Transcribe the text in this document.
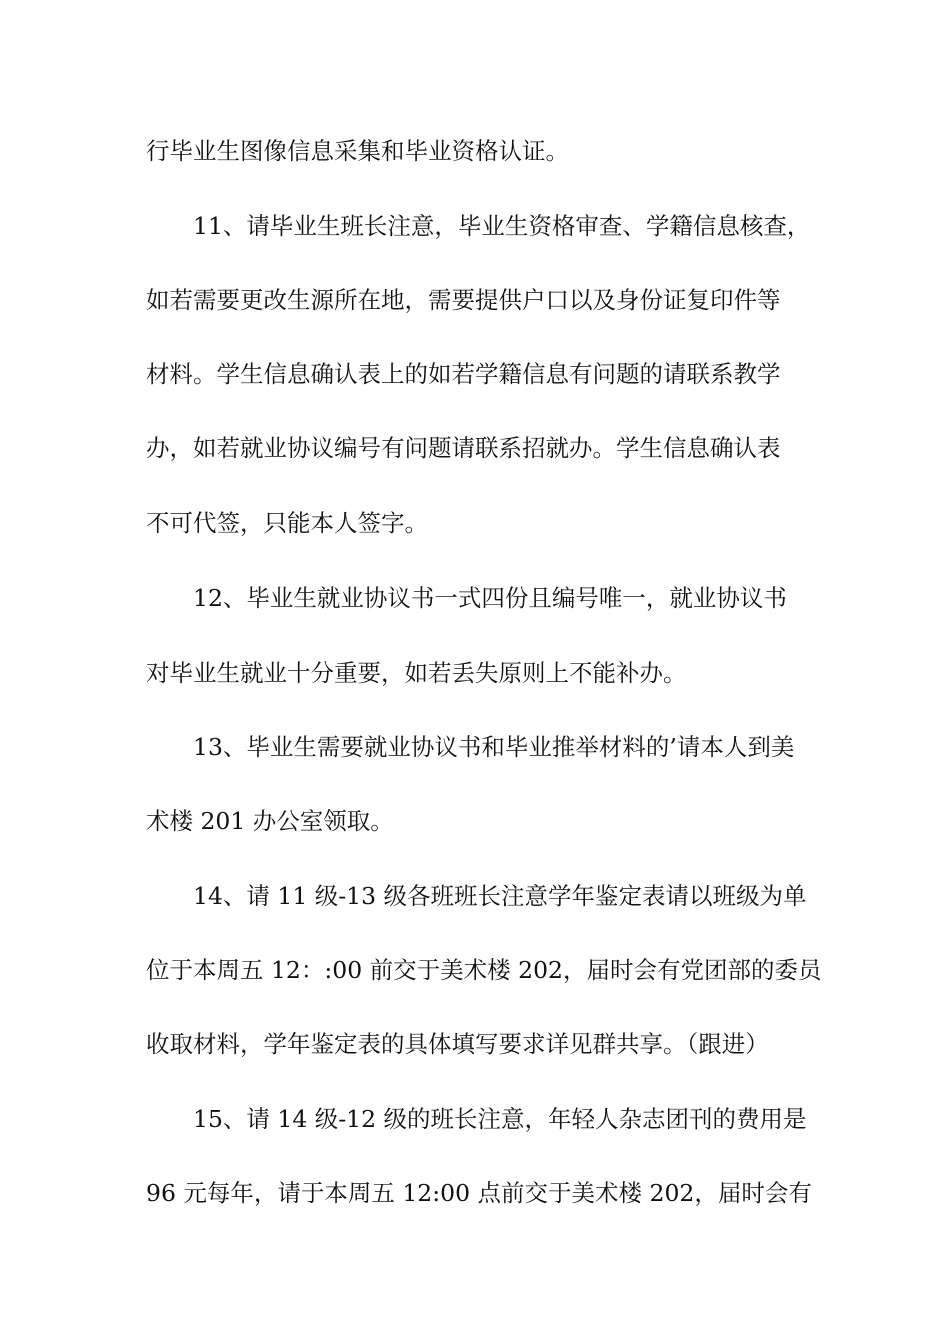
行毕业生图像信息采集和毕业资格认证。
11、请毕业生班长注意，毕业生资格审查、学籍信息核查，
如若需要更改生源所在地，需要提供户口以及身份证复印件等
材料。学生信息确认表上的如若学籍信息有问题的请联系教学
办，如若就业协议编号有问题请联系招就办。学生信息确认表
不可代签，只能本人签字。
12、毕业生就业协议书一式四份且编号唯一，就业协议书
对毕业生就业十分重要，如若丢失原则上不能补办。
13、毕业生需要就业协议书和毕业推举材料的’请本人到美
术楼 201 办公室领取。
14、请 11 级-13 级各班班长注意学年鉴定表请以班级为单
位于本周五 12：:00 前交于美术楼 202，届时会有党团部的委员
收取材料，学年鉴定表的具体填写要求详见群共享。（跟进）
15、请 14 级-12 级的班长注意，年轻人杂志团刊的费用是
96 元每年，请于本周五 12:00 点前交于美术楼 202，届时会有
